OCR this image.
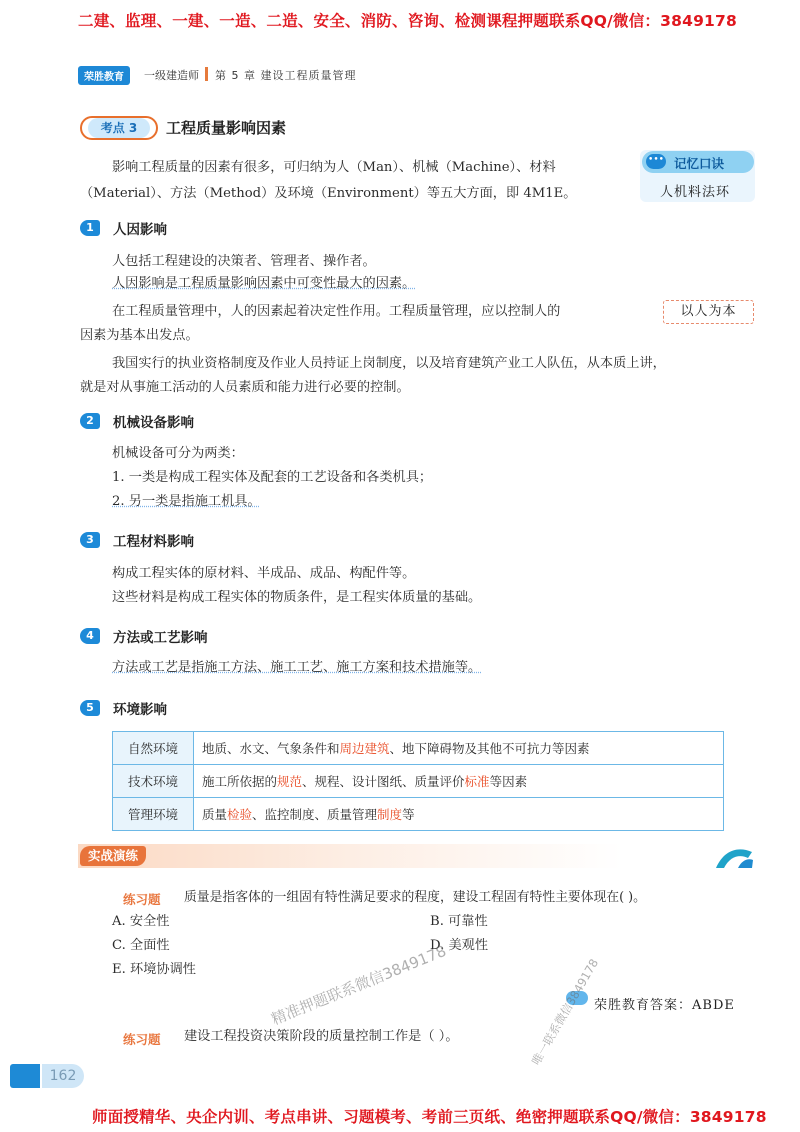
二建、监理、一建、一造、二造、安全、消防、咨询、检测课程押题联系QQ/微信：3849178
荣胜教育	一级建造师 第 5 章 建设工程质量管理
考点 3	工程质量影响因素
影响工程质量的因素有很多，可归纳为人（Man）、机械（Machine）、材料
（Material）、方法（Method）及环境（Environment）等五大方面，即 4M1E。
••• 记忆口诀
人机料法环
1	人因影响
人包括工程建设的决策者、管理者、操作者。
人因影响是工程质量影响因素中可变性最大的因素。
在工程质量管理中，人的因素起着决定性作用。工程质量管理，应以控制人的
因素为基本出发点。
以人为本
我国实行的执业资格制度及作业人员持证上岗制度，以及培育建筑产业工人队伍，从本质上讲，
就是对从事施工活动的人员素质和能力进行必要的控制。
2	机械设备影响
机械设备可分为两类：
1. 一类是构成工程实体及配套的工艺设备和各类机具；
2. 另一类是指施工机具。
3	工程材料影响
构成工程实体的原材料、半成品、成品、构配件等。
这些材料是构成工程实体的物质条件，是工程实体质量的基础。
4	方法或工艺影响
方法或工艺是指施工方法、施工工艺、施工方案和技术措施等。
5	环境影响
自然环境	地质、水文、气象条件和周边建筑、地下障碍物及其他不可抗力等因素
技术环境	施工所依据的规范、规程、设计图纸、质量评价标准等因素
管理环境	质量检验、监控制度、质量管理制度等
实战演练
练习题 质量是指客体的一组固有特性满足要求的程度，建设工程固有特性主要体现在( )。
A. 安全性	B. 可靠性
C. 全面性	D. 美观性
E. 环境协调性
荣胜教育答案：ABDE
练习题 建设工程投资决策阶段的质量控制工作是（ ）。
精准押题联系微信3849178	唯一联系微信3849178
162
师面授精华、央企内训、考点串讲、习题模考、考前三页纸、绝密押题联系QQ/微信：3849178
